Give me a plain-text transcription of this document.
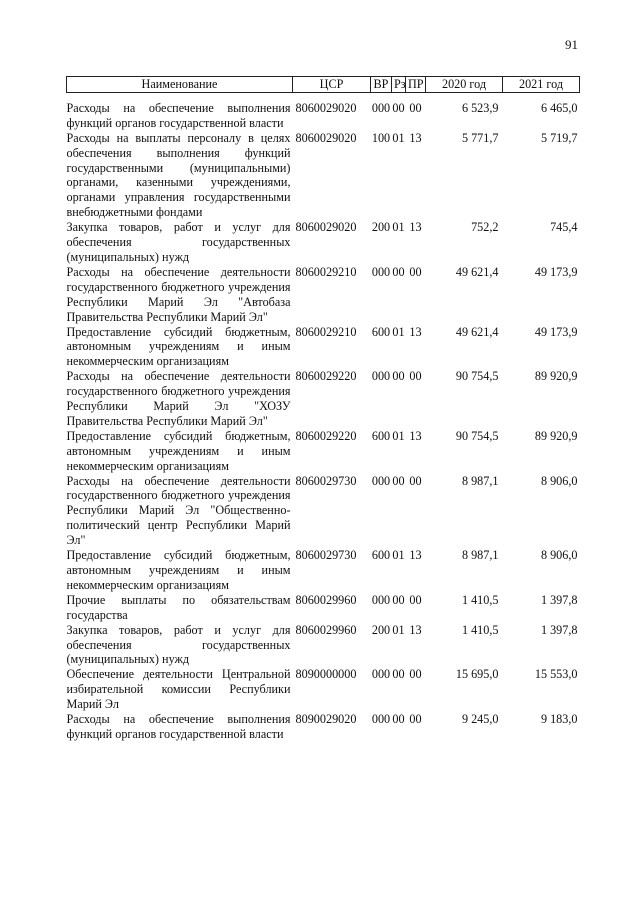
91
Наименование	ЦСР	ВР	Рз	ПР	2020 год	2021 год
Расходы на обеспечение выполнения функций органов государственной власти	8060029020	000	00	00	6 523,9	6 465,0
Расходы на выплаты персоналу в целях обеспечения выполнения функций государственными (муниципальными) органами, казенными учреждениями, органами управления государственными внебюджетными фондами	8060029020	100	01	13	5 771,7	5 719,7
Закупка товаров, работ и услуг для обеспечения государственных (муниципальных) нужд	8060029020	200	01	13	752,2	745,4
Расходы на обеспечение деятельности государственного бюджетного учреждения Республики Марий Эл "Автобаза Правительства Республики Марий Эл"	8060029210	000	00	00	49 621,4	49 173,9
Предоставление субсидий бюджетным, автономным учреждениям и иным некоммерческим организациям	8060029210	600	01	13	49 621,4	49 173,9
Расходы на обеспечение деятельности государственного бюджетного учреждения Республики Марий Эл "ХОЗУ Правительства Республики Марий Эл"	8060029220	000	00	00	90 754,5	89 920,9
Предоставление субсидий бюджетным, автономным учреждениям и иным некоммерческим организациям	8060029220	600	01	13	90 754,5	89 920,9
Расходы на обеспечение деятельности государственного бюджетного учреждения Республики Марий Эл "Общественно-политический центр Республики Марий Эл"	8060029730	000	00	00	8 987,1	8 906,0
Предоставление субсидий бюджетным, автономным учреждениям и иным некоммерческим организациям	8060029730	600	01	13	8 987,1	8 906,0
Прочие выплаты по обязательствам государства	8060029960	000	00	00	1 410,5	1 397,8
Закупка товаров, работ и услуг для обеспечения государственных (муниципальных) нужд	8060029960	200	01	13	1 410,5	1 397,8
Обеспечение деятельности Центральной избирательной комиссии Республики Марий Эл	8090000000	000	00	00	15 695,0	15 553,0
Расходы на обеспечение выполнения функций органов государственной власти	8090029020	000	00	00	9 245,0	9 183,0
